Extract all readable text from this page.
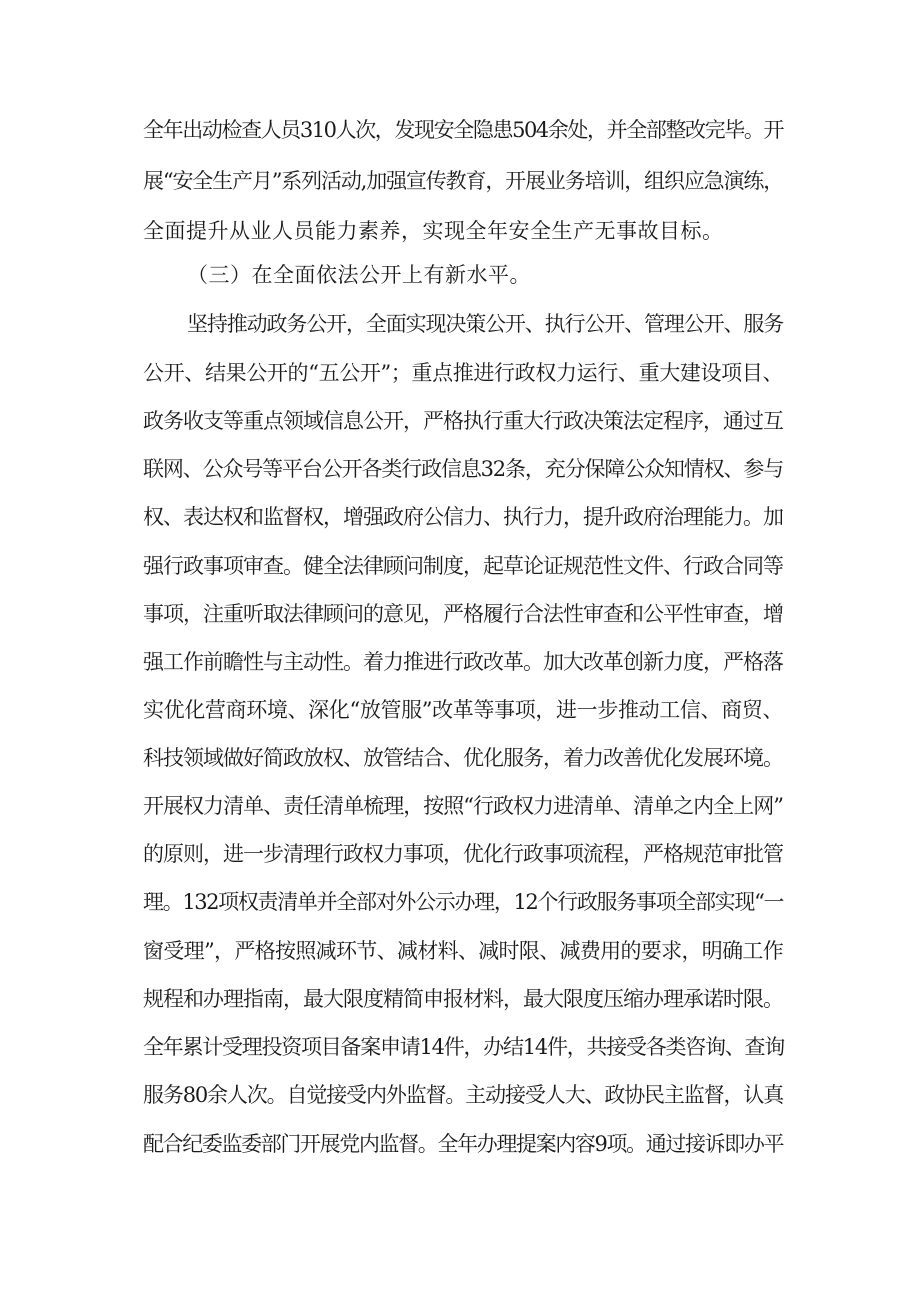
全年出动检查人员310人次，发现安全隐患504余处，并全部整改完毕。开
展“安全生产月”系列活动,加强宣传教育，开展业务培训，组织应急演练，
全面提升从业人员能力素养，实现全年安全生产无事故目标。
（三）在全面依法公开上有新水平。
坚持推动政务公开，全面实现决策公开、执行公开、管理公开、服务
公开、结果公开的“五公开”；重点推进行政权力运行、重大建设项目、
政务收支等重点领域信息公开，严格执行重大行政决策法定程序，通过互
联网、公众号等平台公开各类行政信息32条，充分保障公众知情权、参与
权、表达权和监督权，增强政府公信力、执行力，提升政府治理能力。加
强行政事项审查。健全法律顾问制度，起草论证规范性文件、行政合同等
事项，注重听取法律顾问的意见，严格履行合法性审查和公平性审查，增
强工作前瞻性与主动性。着力推进行政改革。加大改革创新力度，严格落
实优化营商环境、深化“放管服”改革等事项，进一步推动工信、商贸、
科技领域做好简政放权、放管结合、优化服务，着力改善优化发展环境。
开展权力清单、责任清单梳理，按照“行政权力进清单、清单之内全上网”
的原则，进一步清理行政权力事项，优化行政事项流程，严格规范审批管
理。132项权责清单并全部对外公示办理，12个行政服务事项全部实现“一
窗受理”，严格按照减环节、减材料、减时限、减费用的要求，明确工作
规程和办理指南，最大限度精简申报材料，最大限度压缩办理承诺时限。
全年累计受理投资项目备案申请14件，办结14件，共接受各类咨询、查询
服务80余人次。自觉接受内外监督。主动接受人大、政协民主监督，认真
配合纪委监委部门开展党内监督。全年办理提案内容9项。通过接诉即办平
